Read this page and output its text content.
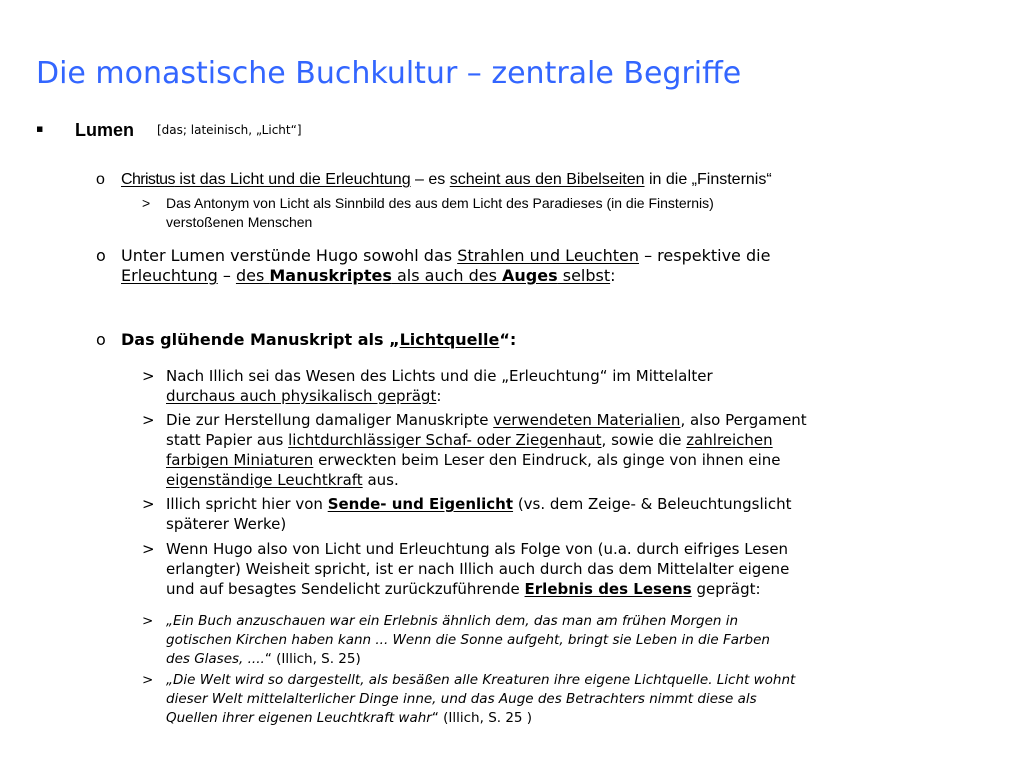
Die monastische Buchkultur – zentrale Begriffe
▪ Lumen [das; lateinisch, „Licht“]
o Christus ist das Licht und die Erleuchtung – es scheint aus den Bibelseiten in die „Finsternis“
> Das Antonym von Licht als Sinnbild des aus dem Licht des Paradieses (in die Finsternis)
verstoßenen Menschen
o Unter Lumen verstünde Hugo sowohl das Strahlen und Leuchten – respektive die
Erleuchtung – des Manuskriptes als auch des Auges selbst:
o Das glühende Manuskript als „Lichtquelle“:
> Nach Illich sei das Wesen des Lichts und die „Erleuchtung“ im Mittelalter
durchaus auch physikalisch geprägt:
> Die zur Herstellung damaliger Manuskripte verwendeten Materialien, also Pergament
statt Papier aus lichtdurchlässiger Schaf- oder Ziegenhaut, sowie die zahlreichen
farbigen Miniaturen erweckten beim Leser den Eindruck, als ginge von ihnen eine
eigenständige Leuchtkraft aus.
> Illich spricht hier von Sende- und Eigenlicht (vs. dem Zeige- & Beleuchtungslicht
späterer Werke)
> Wenn Hugo also von Licht und Erleuchtung als Folge von (u.a. durch eifriges Lesen
erlangter) Weisheit spricht, ist er nach Illich auch durch das dem Mittelalter eigene
und auf besagtes Sendelicht zurückzuführende Erlebnis des Lesens geprägt:
> „Ein Buch anzuschauen war ein Erlebnis ähnlich dem, das man am frühen Morgen in
gotischen Kirchen haben kann ... Wenn die Sonne aufgeht, bringt sie Leben in die Farben
des Glases, ....“ (Illich, S. 25)
> „Die Welt wird so dargestellt, als besäßen alle Kreaturen ihre eigene Lichtquelle. Licht wohnt
dieser Welt mittelalterlicher Dinge inne, und das Auge des Betrachters nimmt diese als
Quellen ihrer eigenen Leuchtkraft wahr“ (Illich, S. 25 )
